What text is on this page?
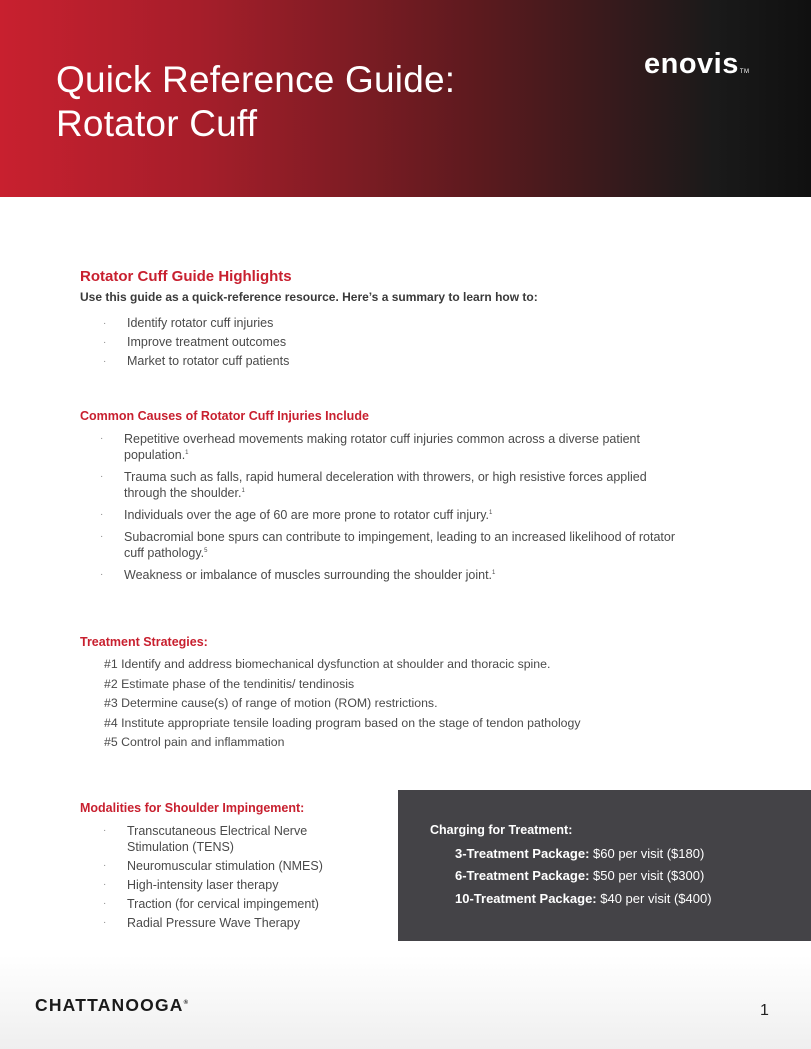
Quick Reference Guide:
Rotator Cuff
enovisTM
Rotator Cuff Guide Highlights
Use this guide as a quick-reference resource. Here’s a summary to learn how to:
· Identify rotator cuff injuries
· Improve treatment outcomes
· Market to rotator cuff patients
Common Causes of Rotator Cuff Injuries Include
· Repetitive overhead movements making rotator cuff injuries common across a diverse patient population.$^1$
· Trauma such as falls, rapid humeral deceleration with throwers, or high resistive forces applied through the shoulder.$^1$
· Individuals over the age of 60 are more prone to rotator cuff injury.$^1$
· Subacromial bone spurs can contribute to impingement, leading to an increased likelihood of rotator cuff pathology.$^5$
· Weakness or imbalance of muscles surrounding the shoulder joint.$^1$
Treatment Strategies:
#1 Identify and address biomechanical dysfunction at shoulder and thoracic spine.
#2 Estimate phase of the tendinitis/ tendinosis
#3 Determine cause(s) of range of motion (ROM) restrictions.
#4 Institute appropriate tensile loading program based on the stage of tendon pathology
#5 Control pain and inflammation
Modalities for Shoulder Impingement:
· Transcutaneous Electrical Nerve Stimulation (TENS)
· Neuromuscular stimulation (NMES)
· High-intensity laser therapy
· Traction (for cervical impingement)
· Radial Pressure Wave Therapy
Charging for Treatment:
3-Treatment Package: $60 per visit ($180)
6-Treatment Package: $50 per visit ($300)
10-Treatment Package: $40 per visit ($400)
CHATTANOOGA®	1
